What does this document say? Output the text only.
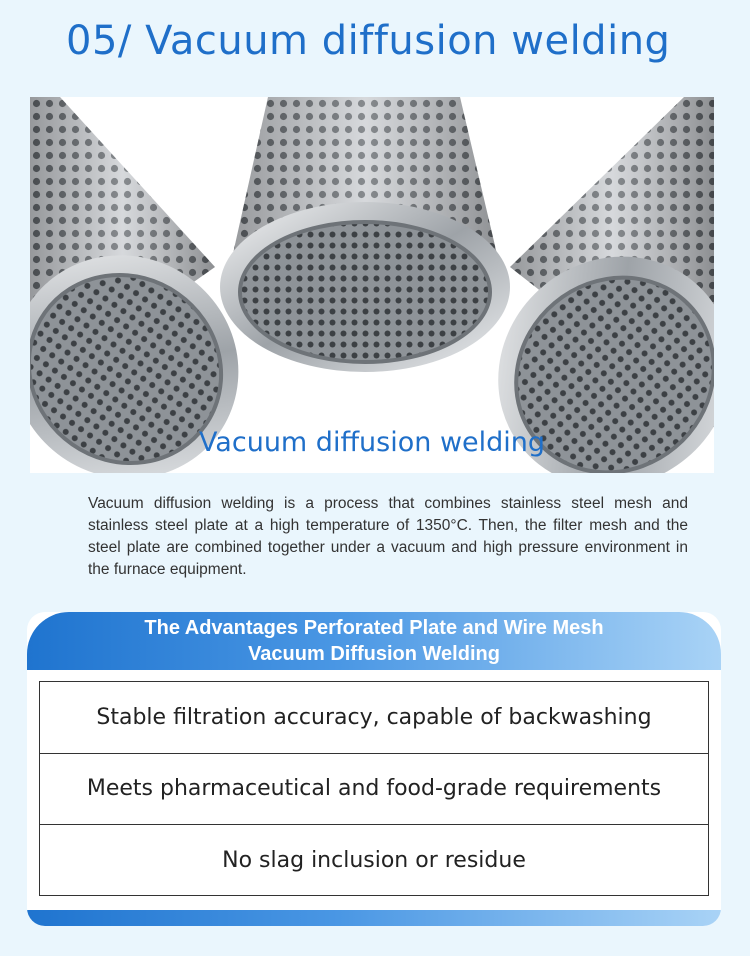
05/ Vacuum diffusion welding
Vacuum diffusion welding

Vacuum diffusion welding is a process that combines stainless steel mesh and stainless steel plate at a high temperature of 1350°C. Then, the filter mesh and the steel plate are combined together under a vacuum and high pressure environment in the furnace equipment.

The Advantages Perforated Plate and Wire Mesh
Vacuum Diffusion Welding
Stable filtration accuracy, capable of backwashing
Meets pharmaceutical and food-grade requirements
No slag inclusion or residue
